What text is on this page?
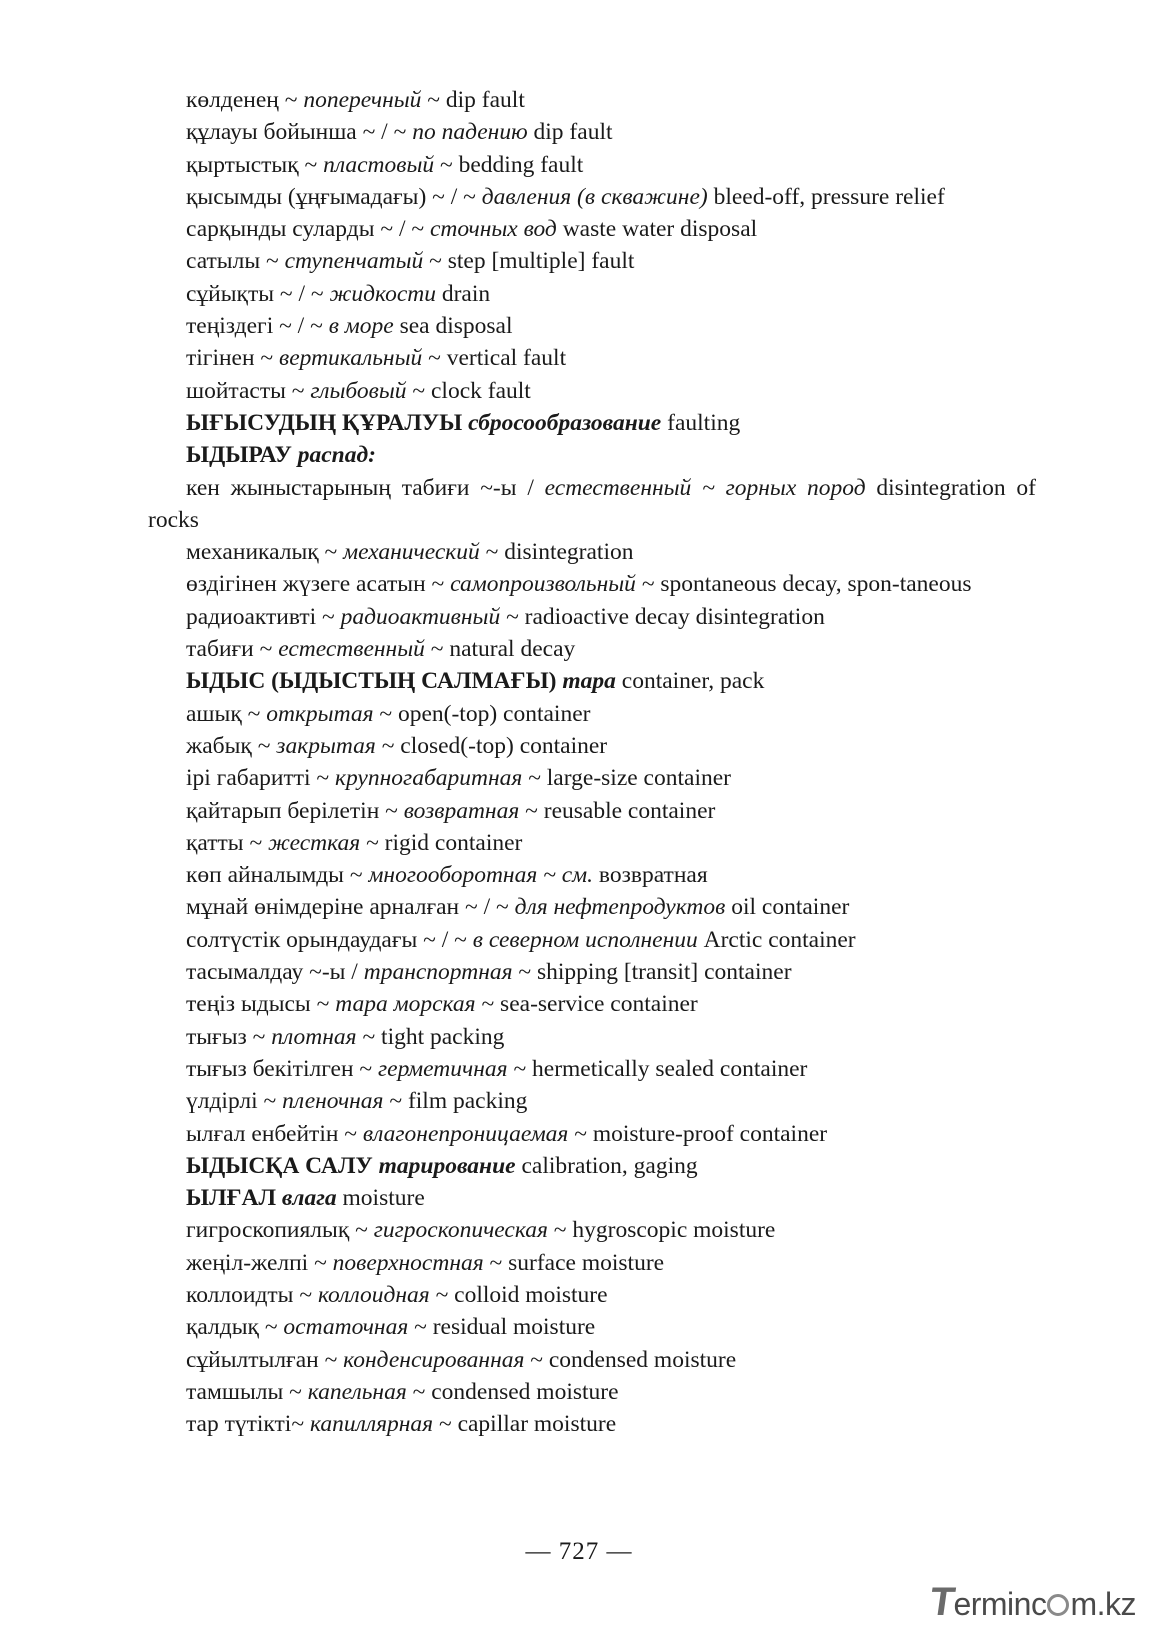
көлденең ~ поперечный ~ dip fault
құлауы бойынша ~ / ~ по падению dip fault
қыртыстық ~ пластовый ~ bedding fault
қысымды (ұңғымадағы) ~ / ~ давления (в скважине) bleed-off, pressure relief
сарқынды суларды ~ / ~ сточных вод waste water disposal
сатылы ~ ступенчатый ~ step [multiple] fault
сұйықты ~ / ~ жидкости drain
теңіздегі ~ / ~ в море sea disposal
тігінен ~ вертикальный ~ vertical fault
шойтасты ~ глыбовый ~ clock fault
ЫҒЫСУДЫҢ ҚҰРАЛУЫ сбросообразование faulting
ЫДЫРАУ распад:
кен жыныстарының табиғи ~-ы / естественный ~ горных пород disintegration of rocks
механикалық ~ механический ~ disintegration
өздігінен жүзеге асатын ~ самопроизвольный ~ spontaneous decay, spon-taneous
радиоактивті ~ радиоактивный ~ radioactive decay disintegration
табиғи ~ естественный ~ natural decay
ЫДЫС (ЫДЫСТЫҢ САЛМАҒЫ) тара container, pack
ашық ~ открытая ~ open(-top) container
жабық ~ закрытая ~ closed(-top) container
ірі габаритті ~ крупногабаритная ~ large-size container
қайтарып берілетін ~ возвратная ~ reusable container
қатты ~ жесткая ~ rigid container
көп айналымды ~ многооборотная ~ см. возвратная
мұнай өнімдеріне арналған ~ / ~ для нефтепродуктов oil container
солтүстік орындаудағы ~ / ~ в северном исполнении Arctic container
тасымалдау ~-ы / транспортная ~ shipping [transit] container
теңіз ыдысы ~ тара морская ~ sea-service container
тығыз ~ плотная ~ tight packing
тығыз бекітілген ~ герметичная ~ hermetically sealed container
үлдірлі ~ пленочная ~ film packing
ылғал енбейтін ~ влагонепроницаемая ~ moisture-proof container
ЫДЫСҚА САЛУ тарирование calibration, gaging
ЫЛҒАЛ влага moisture
гигроскопиялық ~ гигроскопическая ~ hygroscopic moisture
жеңіл-желпі ~ поверхностная ~ surface moisture
коллоидты ~ коллоидная ~ colloid moisture
қалдық ~ остаточная ~ residual moisture
сұйылтылған ~ конденсированная ~ condensed moisture
тамшылы ~ капельная ~ condensed moisture
тар түтікті~ капиллярная ~ capillar moisture
— 727 —
Terminc m.kz
